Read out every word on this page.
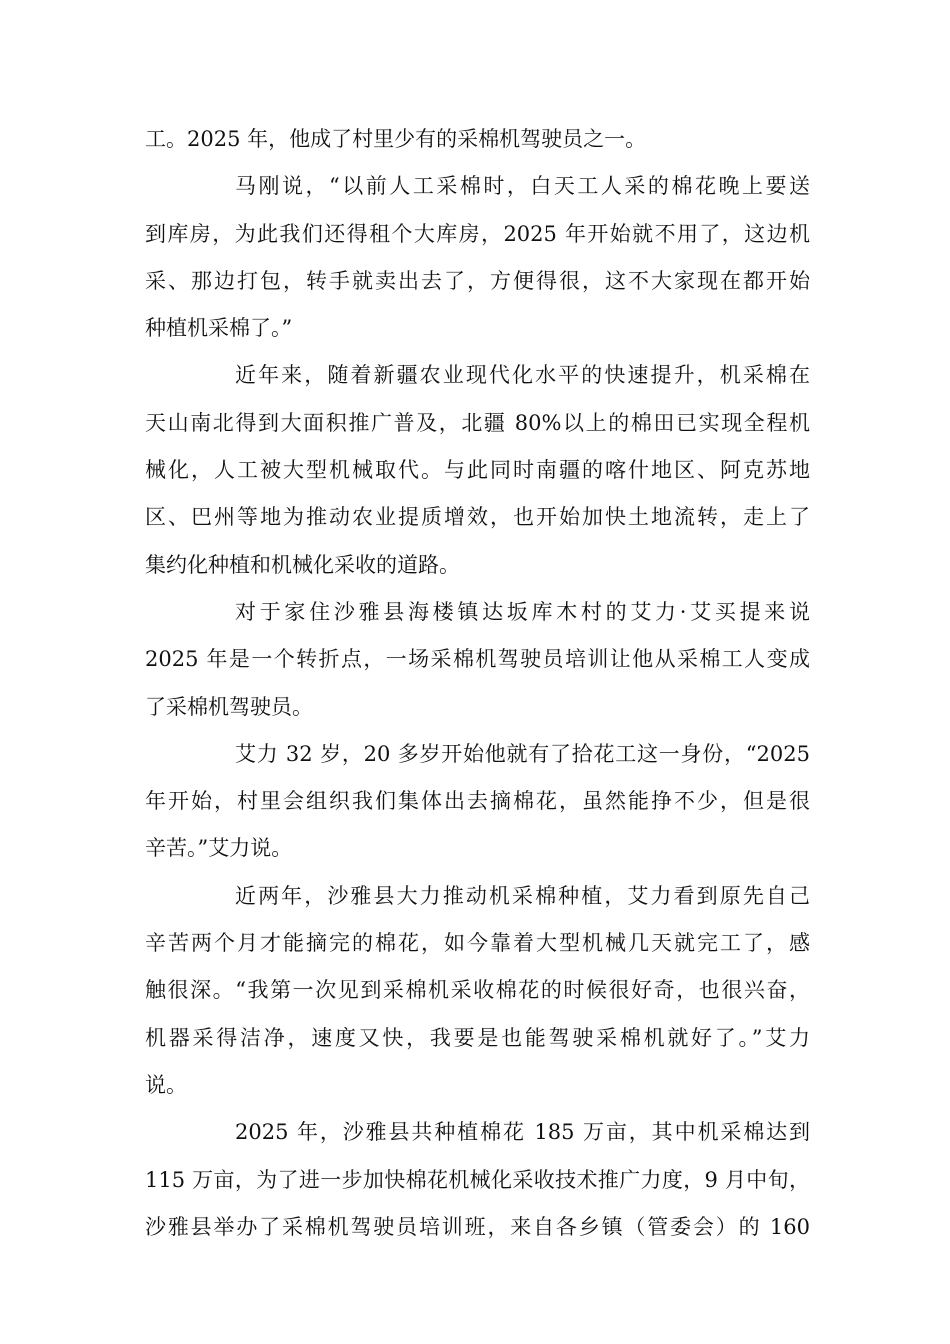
工。2025 年，他成了村里少有的采棉机驾驶员之一。
马刚说，“以前人工采棉时，白天工人采的棉花晚上要送
到库房，为此我们还得租个大库房，2025 年开始就不用了，这边机
采、那边打包，转手就卖出去了，方便得很，这不大家现在都开始
种植机采棉了。”
近年来，随着新疆农业现代化水平的快速提升，机采棉在
天山南北得到大面积推广普及，北疆 80%以上的棉田已实现全程机
械化，人工被大型机械取代。与此同时南疆的喀什地区、阿克苏地
区、巴州等地为推动农业提质增效，也开始加快土地流转，走上了
集约化种植和机械化采收的道路。
对于家住沙雅县海楼镇达坂库木村的艾力·艾买提来说
2025 年是一个转折点，一场采棉机驾驶员培训让他从采棉工人变成
了采棉机驾驶员。
艾力 32 岁，20 多岁开始他就有了拾花工这一身份，“2025
年开始，村里会组织我们集体出去摘棉花，虽然能挣不少，但是很
辛苦。”艾力说。
近两年，沙雅县大力推动机采棉种植，艾力看到原先自己
辛苦两个月才能摘完的棉花，如今靠着大型机械几天就完工了，感
触很深。“我第一次见到采棉机采收棉花的时候很好奇，也很兴奋，
机器采得洁净，速度又快，我要是也能驾驶采棉机就好了。”艾力
说。
2025 年，沙雅县共种植棉花 185 万亩，其中机采棉达到
115 万亩，为了进一步加快棉花机械化采收技术推广力度，9 月中旬，
沙雅县举办了采棉机驾驶员培训班，来自各乡镇（管委会）的 160
